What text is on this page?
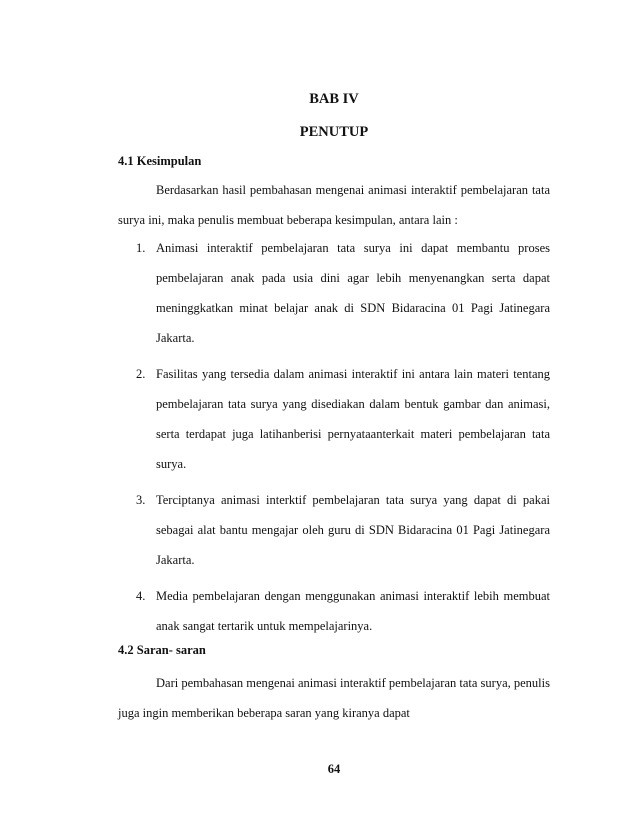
BAB IV
PENUTUP
4.1 Kesimpulan

Berdasarkan hasil pembahasan mengenai animasi interaktif pembelajaran tata surya ini, maka penulis membuat beberapa kesimpulan, antara lain :

1. Animasi interaktif pembelajaran tata surya ini dapat membantu proses pembelajaran anak pada usia dini agar lebih menyenangkan serta dapat meninggkatkan minat belajar anak di SDN Bidaracina 01 Pagi Jatinegara Jakarta.
2. Fasilitas yang tersedia dalam animasi interaktif ini antara lain materi tentang pembelajaran tata surya yang disediakan dalam bentuk gambar dan animasi, serta terdapat juga latihanberisi pernyataanterkait materi pembelajaran tata surya.
3. Terciptanya animasi interktif pembelajaran tata surya yang dapat di pakai sebagai alat bantu mengajar oleh guru di SDN Bidaracina 01 Pagi Jatinegara Jakarta.
4. Media pembelajaran dengan menggunakan animasi interaktif lebih membuat anak sangat tertarik untuk mempelajarinya.
4.2 Saran- saran

Dari pembahasan mengenai animasi interaktif pembelajaran tata surya, penulis juga ingin memberikan beberapa saran yang kiranya dapat

64
